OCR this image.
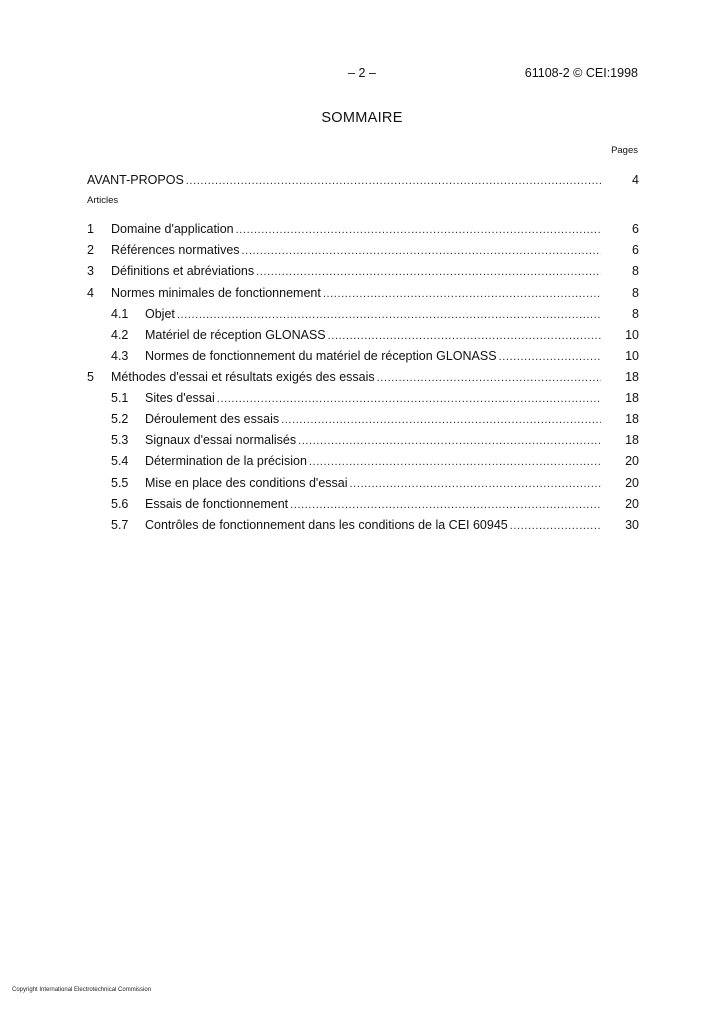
– 2 –	61108-2 © CEI:1998
SOMMAIRE
Pages
AVANT-PROPOS .....	4
Articles
1	Domaine d'application .....	6
2	Références normatives .....	6
3	Définitions et abréviations .....	8
4	Normes minimales de fonctionnement .....	8
4.1	Objet .....	8
4.2	Matériel de réception GLONASS .....	10
4.3	Normes de fonctionnement du matériel de réception GLONASS .....	10
5	Méthodes d'essai et résultats exigés des essais .....	18
5.1	Sites d'essai .....	18
5.2	Déroulement des essais .....	18
5.3	Signaux d'essai normalisés .....	18
5.4	Détermination de la précision .....	20
5.5	Mise en place des conditions d'essai .....	20
5.6	Essais de fonctionnement .....	20
5.7	Contrôles de fonctionnement dans les conditions de la CEI 60945 .....	30
Copyright International Electrotechnical Commission
